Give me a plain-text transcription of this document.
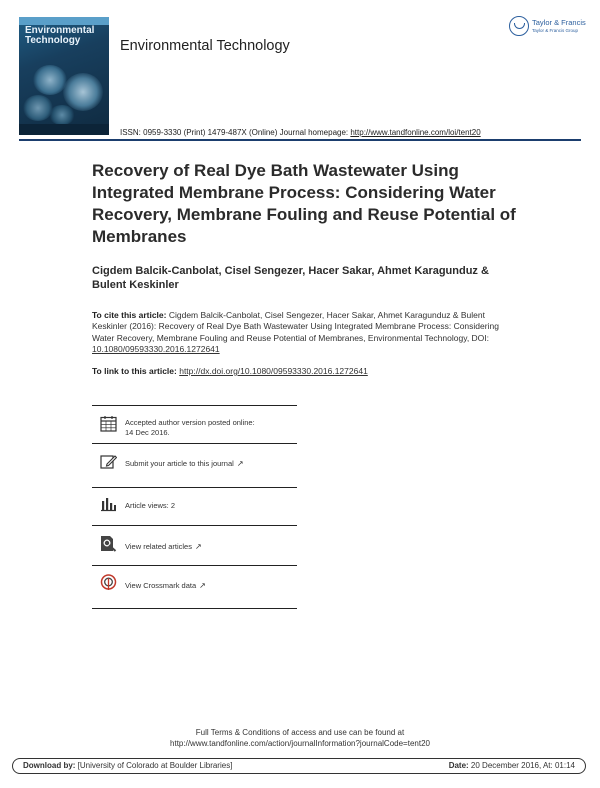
Environmental
Technology	Environmental Technology
Taylor & Francis
Taylor & Francis Group
ISSN: 0959-3330 (Print) 1479-487X (Online) Journal homepage: http://www.tandfonline.com/loi/tent20
Recovery of Real Dye Bath Wastewater Using Integrated Membrane Process: Considering Water Recovery, Membrane Fouling and Reuse Potential of Membranes
Cigdem Balcik-Canbolat, Cisel Sengezer, Hacer Sakar, Ahmet Karagunduz & Bulent Keskinler
To cite this article: Cigdem Balcik-Canbolat, Cisel Sengezer, Hacer Sakar, Ahmet Karagunduz & Bulent Keskinler (2016): Recovery of Real Dye Bath Wastewater Using Integrated Membrane Process: Considering Water Recovery, Membrane Fouling and Reuse Potential of Membranes, Environmental Technology, DOI: 10.1080/09593330.2016.1272641
To link to this article: http://dx.doi.org/10.1080/09593330.2016.1272641
Accepted author version posted online: 14 Dec 2016.
Submit your article to this journal ↗
Article views: 2
View related articles ↗
View Crossmark data ↗
Full Terms & Conditions of access and use can be found at
http://www.tandfonline.com/action/journalInformation?journalCode=tent20
Download by: [University of Colorado at Boulder Libraries]	Date: 20 December 2016, At: 01:14
